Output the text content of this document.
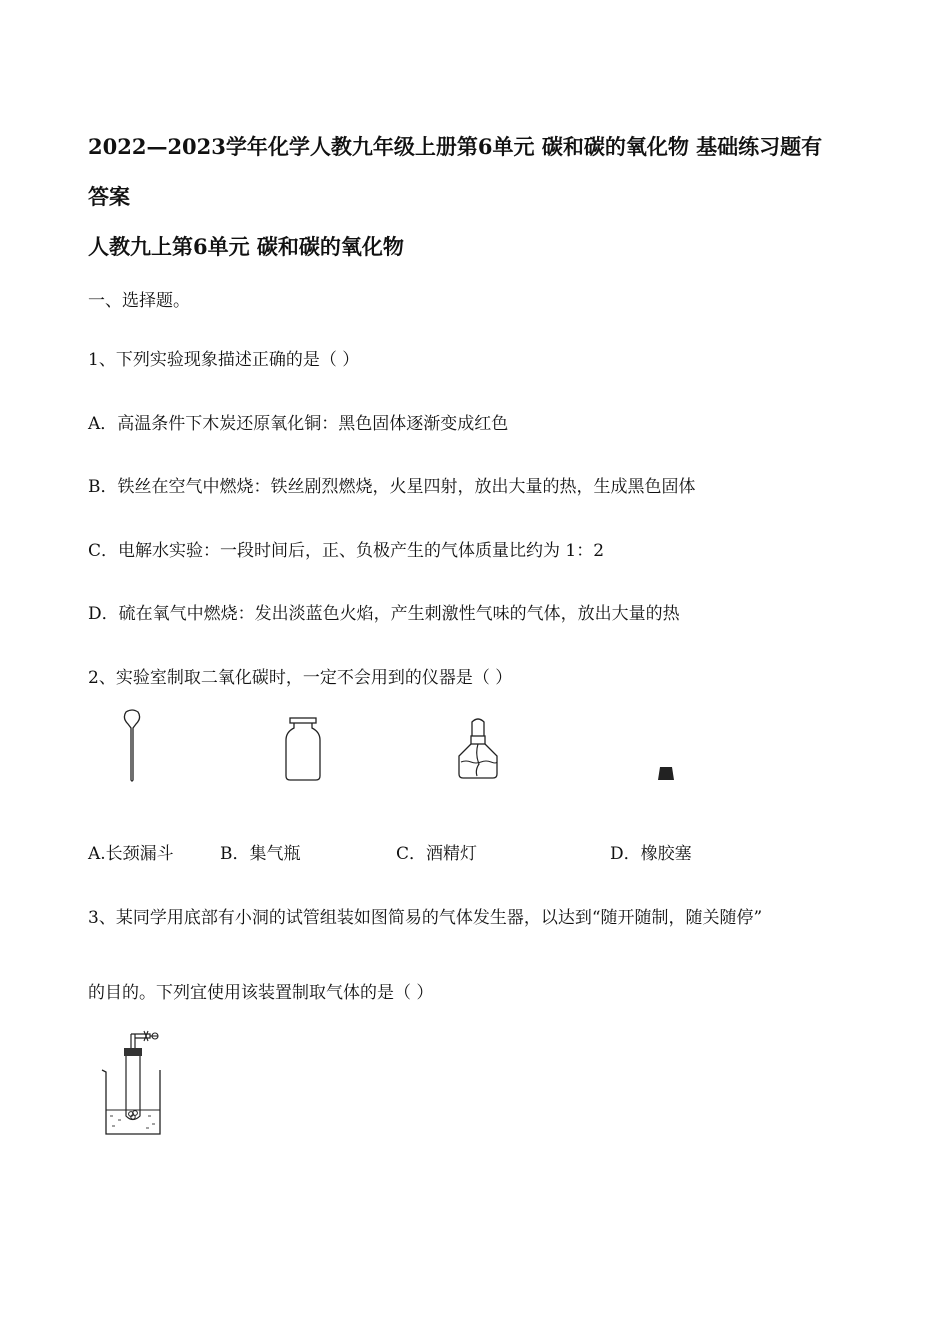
2022—2023学年化学人教九年级上册第6单元 碳和碳的氧化物 基础练习题有
答案
人教九上第6单元 碳和碳的氧化物
一、选择题。
1、下列实验现象描述正确的是（ ）
A．高温条件下木炭还原氧化铜：黑色固体逐渐变成红色
B．铁丝在空气中燃烧：铁丝剧烈燃烧，火星四射，放出大量的热，生成黑色固体
C．电解水实验：一段时间后，正、负极产生的气体质量比约为 1：2
D．硫在氧气中燃烧：发出淡蓝色火焰，产生刺激性气味的气体，放出大量的热
2、实验室制取二氧化碳时，一定不会用到的仪器是（ ）
A.长颈漏斗	B．集气瓶	C．酒精灯	D．橡胶塞
3、某同学用底部有小洞的试管组装如图简易的气体发生器，以达到“随开随制，随关随停”
的目的。下列宜使用该装置制取气体的是（ ）
